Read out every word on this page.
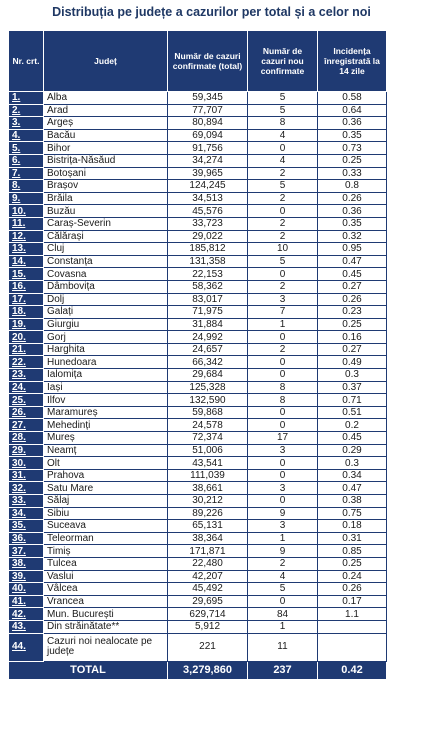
Distribuția pe județe a cazurilor per total și a celor noi
Nr. crt.	Județ	Număr de cazuri confirmate (total)	Număr de cazuri nou confirmate	Incidența înregistrată la 14 zile
1.	Alba	59,345	5	0.58
2.	Arad	77,707	5	0.64
3.	Argeș	80,894	8	0.36
4.	Bacău	69,094	4	0.35
5.	Bihor	91,756	0	0.73
6.	Bistrița-Năsăud	34,274	4	0.25
7.	Botoșani	39,965	2	0.33
8.	Brașov	124,245	5	0.8
9.	Brăila	34,513	2	0.26
10.	Buzău	45,576	0	0.36
11.	Caraș-Severin	33,723	2	0.35
12.	Călărași	29,022	2	0.32
13.	Cluj	185,812	10	0.95
14.	Constanța	131,358	5	0.47
15.	Covasna	22,153	0	0.45
16.	Dâmbovița	58,362	2	0.27
17.	Dolj	83,017	3	0.26
18.	Galați	71,975	7	0.23
19.	Giurgiu	31,884	1	0.25
20.	Gorj	24,992	0	0.16
21.	Harghita	24,657	2	0.27
22.	Hunedoara	66,342	0	0.49
23.	Ialomița	29,684	0	0.3
24.	Iași	125,328	8	0.37
25.	Ilfov	132,590	8	0.71
26.	Maramureș	59,868	0	0.51
27.	Mehedinți	24,578	0	0.2
28.	Mureș	72,374	17	0.45
29.	Neamț	51,006	3	0.29
30.	Olt	43,541	0	0.3
31.	Prahova	111,039	0	0.34
32.	Satu Mare	38,661	3	0.47
33.	Sălaj	30,212	0	0.38
34.	Sibiu	89,226	9	0.75
35.	Suceava	65,131	3	0.18
36.	Teleorman	38,364	1	0.31
37.	Timiș	171,871	9	0.85
38.	Tulcea	22,480	2	0.25
39.	Vaslui	42,207	4	0.24
40.	Vâlcea	45,492	5	0.26
41.	Vrancea	29,695	0	0.17
42.	Mun. București	629,714	84	1.1
43.	Din străinătate**	5,912	1	
44.	Cazuri noi nealocate pe județe	221	11	
TOTAL		3,279,860	237	0.42
